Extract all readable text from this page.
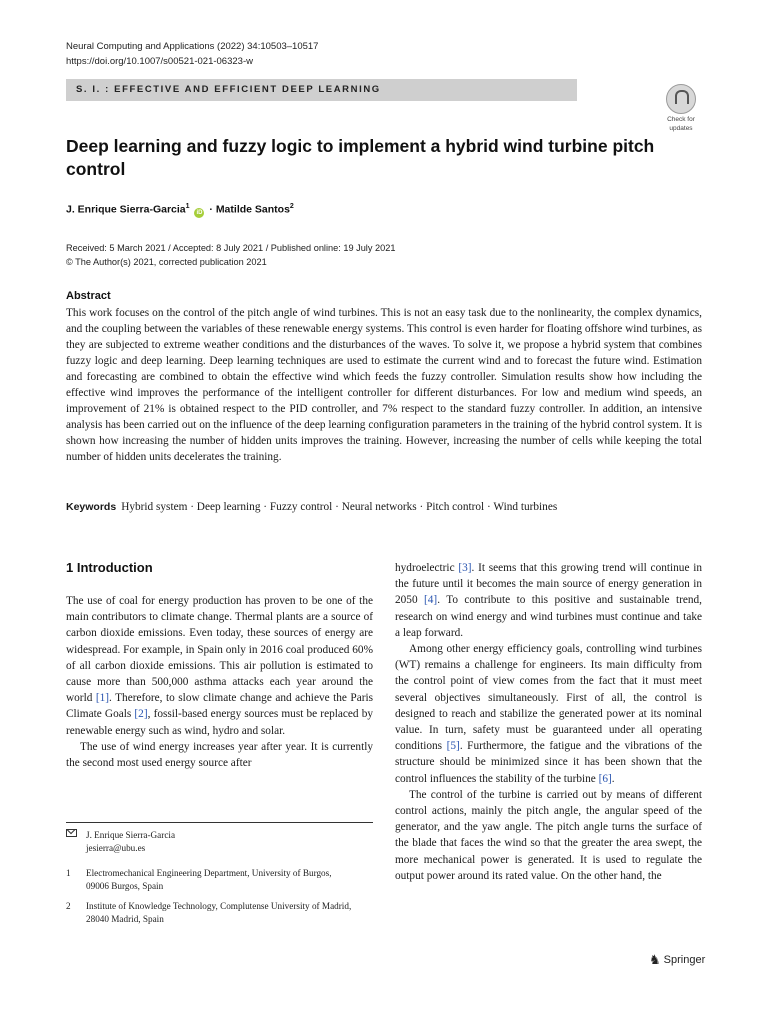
Neural Computing and Applications (2022) 34:10503–10517
https://doi.org/10.1007/s00521-021-06323-w
S. I. : EFFECTIVE AND EFFICIENT DEEP LEARNING
Check for
updates
Deep learning and fuzzy logic to implement a hybrid wind turbine pitch control
J. Enrique Sierra-Garcia$^1$ iD · Matilde Santos$^2$
Received: 5 March 2021 / Accepted: 8 July 2021 / Published online: 19 July 2021
© The Author(s) 2021, corrected publication 2021
Abstract

This work focuses on the control of the pitch angle of wind turbines. This is not an easy task due to the nonlinearity, the complex dynamics, and the coupling between the variables of these renewable energy systems. This control is even harder for floating offshore wind turbines, as they are subjected to extreme weather conditions and the disturbances of the waves. To solve it, we propose a hybrid system that combines fuzzy logic and deep learning. Deep learning techniques are used to estimate the current wind and to forecast the future wind. Estimation and forecasting are combined to obtain the effective wind which feeds the fuzzy controller. Simulation results show how including the effective wind improves the performance of the intelligent controller for different disturbances. For low and medium wind speeds, an improvement of 21% is obtained respect to the PID controller, and 7% respect to the standard fuzzy controller. In addition, an intensive analysis has been carried out on the influence of the deep learning configuration parameters in the training of the hybrid control system. It is shown how increasing the number of hidden units improves the training. However, increasing the number of cells while keeping the total number of hidden units decelerates the training.

Keywords Hybrid system · Deep learning · Fuzzy control · Neural networks · Pitch control · Wind turbines
1 Introduction

The use of coal for energy production has proven to be one of the main contributors to climate change. Thermal plants are a source of carbon dioxide emissions. Even today, these sources of energy are widespread. For example, in Spain only in 2016 coal produced 60% of all carbon dioxide emissions. This air pollution is estimated to cause more than 500,000 asthma attacks each year around the world [1]. Therefore, to slow climate change and achieve the Paris Climate Goals [2], fossil-based energy sources must be replaced by renewable energy such as wind, hydro and solar.

The use of wind energy increases year after year. It is currently the second most used energy source after

J. Enrique Sierra-Garcia
jesierra@ubu.es
1 Electromechanical Engineering Department, University of Burgos, 09006 Burgos, Spain
2 Institute of Knowledge Technology, Complutense University of Madrid, 28040 Madrid, Spain

hydroelectric [3]. It seems that this growing trend will continue in the future until it becomes the main source of energy generation in 2050 [4]. To contribute to this positive and sustainable trend, research on wind energy and wind turbines must continue and take a leap forward.

Among other energy efficiency goals, controlling wind turbines (WT) remains a challenge for engineers. Its main difficulty from the control point of view comes from the fact that it must meet several objectives simultaneously. First of all, the control is designed to reach and stabilize the generated power at its nominal value. In turn, safety must be guaranteed under all operating conditions [5]. Furthermore, the fatigue and the vibrations of the structure should be minimized since it has been shown that the control influences the stability of the turbine [6].

The control of the turbine is carried out by means of different control actions, mainly the pitch angle, the angular speed of the generator, and the yaw angle. The pitch angle turns the surface of the blade that faces the wind so that the greater the area swept, the more mechanical power is generated. It is used to regulate the output power around its rated value. On the other hand, the

♞ Springer
